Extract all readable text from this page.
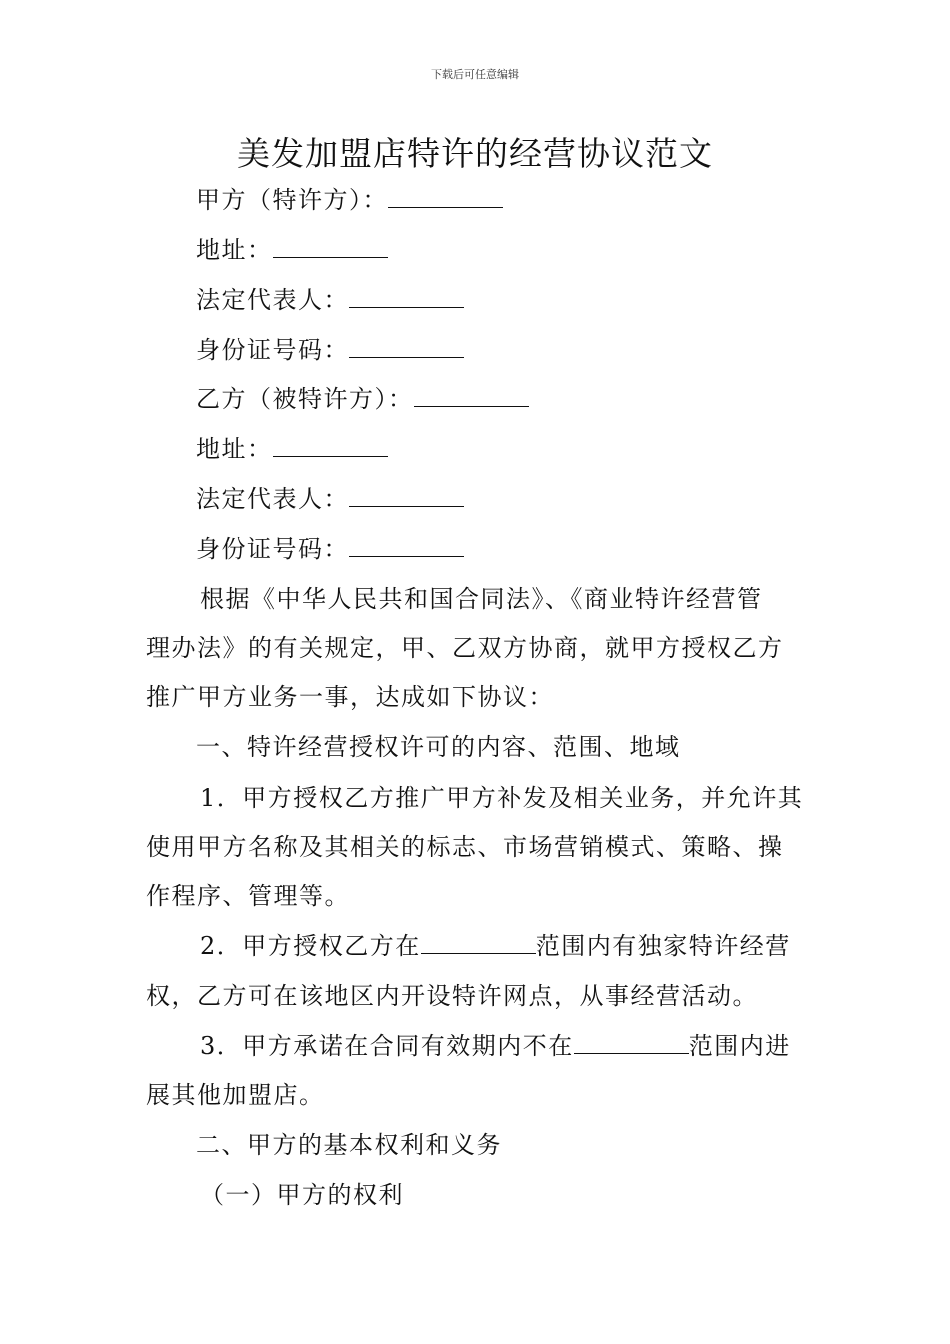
下载后可任意编辑
美发加盟店特许的经营协议范文
甲方（特许方）：
地址：
法定代表人：
身份证号码：
乙方（被特许方）：
地址：
法定代表人：
身份证号码：
根据《中华人民共和国合同法》、《商业特许经营管
理办法》的有关规定，甲、乙双方协商，就甲方授权乙方
推广甲方业务一事，达成如下协议：
一、特许经营授权许可的内容、范围、地域
1．甲方授权乙方推广甲方补发及相关业务，并允许其
使用甲方名称及其相关的标志、市场营销模式、策略、操
作程序、管理等。
2．甲方授权乙方在	范围内有独家特许经营
权，乙方可在该地区内开设特许网点，从事经营活动。
3．甲方承诺在合同有效期内不在	范围内进
展其他加盟店。
二、甲方的基本权利和义务
（一）甲方的权利
